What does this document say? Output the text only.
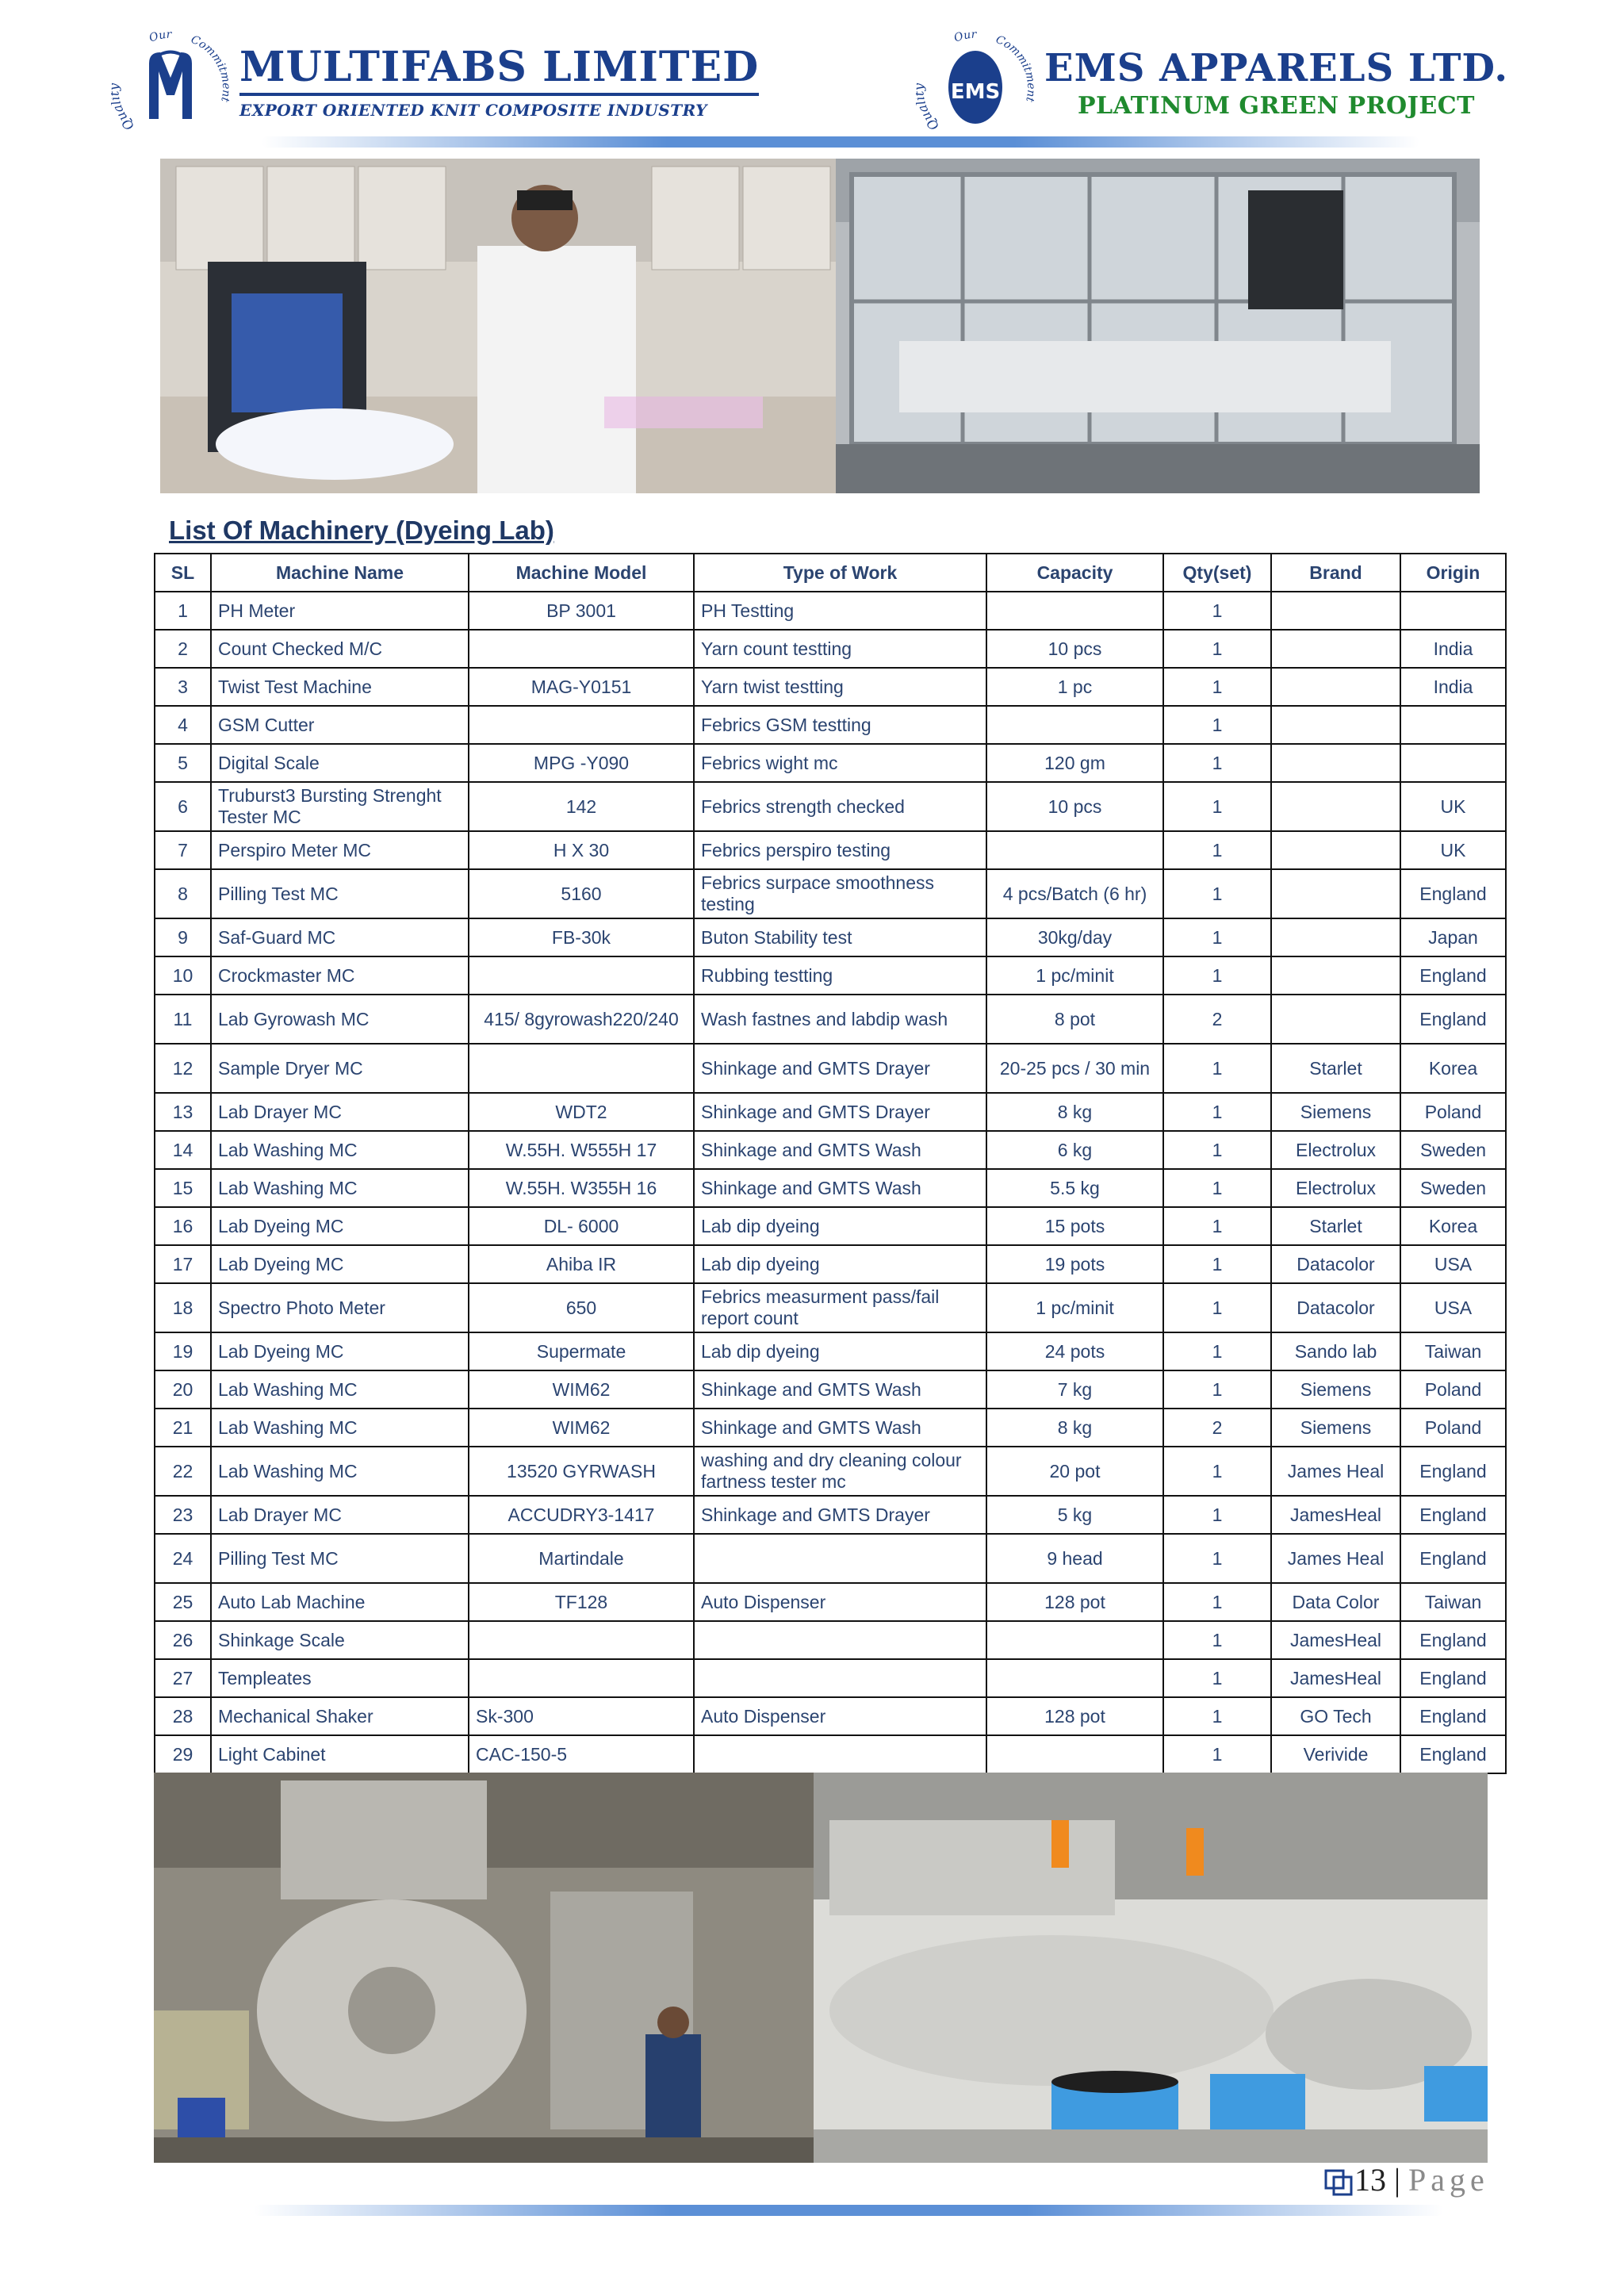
Qua
Our Commit MULTIFABS LIMITED
EXPORT ORIENTED KNIT COMPOSITE INDUSTRY
Qua
Our Commit
EMS
EMS APPARELS LTD.
PLATINUM GREEN PROJECT
List Of Machinery (Dyeing Lab)
SL	Machine Name	Machine Model	Type of Work	Capacity	Qty(set)	Brand	Origin
1	PH Meter	BP 3001	PH Testting		1		
2	Count Checked M/C		Yarn count testting	10 pcs	1		India
3	Twist Test Machine	MAG-Y0151	Yarn twist testting	1 pc	1		India
4	GSM Cutter		Febrics GSM testting		1		
5	Digital Scale	MPG -Y090	Febrics wight mc	120 gm	1		
6	Truburst3 Bursting Strenght Tester MC	142	Febrics strength checked	10 pcs	1		UK
7	Perspiro Meter MC	H X 30	Febrics perspiro testing		1		UK
8	Pilling Test MC	5160	Febrics surpace smoothness testing	4 pcs/Batch (6 hr)	1		England
9	Saf-Guard MC	FB-30k	Buton Stability test	30kg/day	1		Japan
10	Crockmaster MC		Rubbing testting	1 pc/minit	1		England
11	Lab Gyrowash MC	415/ 8gyrowash220/240	Wash fastnes and labdip wash	8 pot	2		England
12	Sample Dryer MC		Shinkage and GMTS Drayer	20-25 pcs / 30 min	1	Starlet	Korea
13	Lab Drayer MC	WDT2	Shinkage and GMTS Drayer	8 kg	1	Siemens	Poland
14	Lab Washing MC	W.55H. W555H 17	Shinkage and GMTS Wash	6 kg	1	Electrolux	Sweden
15	Lab Washing MC	W.55H. W355H 16	Shinkage and GMTS Wash	5.5 kg	1	Electrolux	Sweden
16	Lab Dyeing MC	DL- 6000	Lab dip dyeing	15 pots	1	Starlet	Korea
17	Lab Dyeing MC	Ahiba IR	Lab dip dyeing	19 pots	1	Datacolor	USA
18	Spectro Photo Meter	650	Febrics measurment pass/fail report count	1 pc/minit	1	Datacolor	USA
19	Lab Dyeing MC	Supermate	Lab dip dyeing	24 pots	1	Sando lab	Taiwan
20	Lab Washing MC	WIM62	Shinkage and GMTS Wash	7 kg	1	Siemens	Poland
21	Lab Washing MC	WIM62	Shinkage and GMTS Wash	8 kg	2	Siemens	Poland
22	Lab Washing MC	13520 GYRWASH	washing and dry cleaning colour fartness tester mc	20 pot	1	James Heal	England
23	Lab Drayer MC	ACCUDRY3-1417	Shinkage and GMTS Drayer	5 kg	1	JamesHeal	England
24	Pilling Test MC	Martindale		9 head	1	James Heal	England
25	Auto Lab Machine	TF128	Auto Dispenser	128 pot	1	Data Color	Taiwan
26	Shinkage Scale				1	JamesHeal	England
27	Templeates				1	JamesHeal	England
28	Mechanical Shaker	Sk-300	Auto Dispenser	128 pot	1	GO Tech	England
29	Light Cabinet	CAC-150-5			1	Verivide	England
13 | Page
